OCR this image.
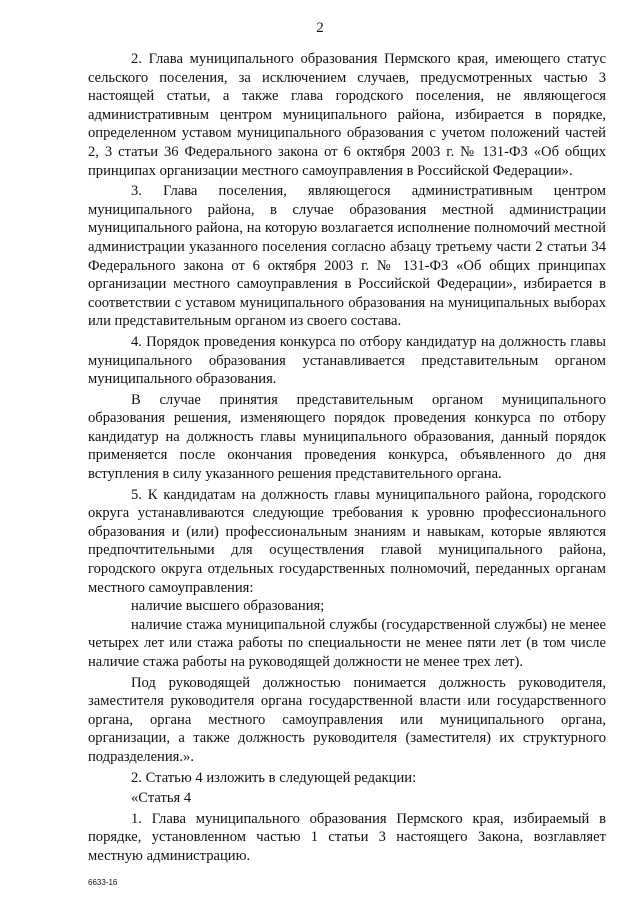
2

2. Глава муниципального образования Пермского края, имеющего статус сельского поселения, за исключением случаев, предусмотренных частью 3 настоящей статьи, а также глава городского поселения, не являющегося административным центром муниципального района, избирается в порядке, определенном уставом муниципального образования с учетом положений частей 2, 3 статьи 36 Федерального закона от 6 октября 2003 г. № 131-ФЗ «Об общих принципах организации местного самоуправления в Российской Федерации».

3. Глава поселения, являющегося административным центром муниципального района, в случае образования местной администрации муниципального района, на которую возлагается исполнение полномочий местной администрации указанного поселения согласно абзацу третьему части 2 статьи 34 Федерального закона от 6 октября 2003 г. № 131-ФЗ «Об общих принципах организации местного самоуправления в Российской Федерации», избирается в соответствии с уставом муниципального образования на муниципальных выборах или представительным органом из своего состава.

4. Порядок проведения конкурса по отбору кандидатур на должность главы муниципального образования устанавливается представительным органом муниципального образования.

В случае принятия представительным органом муниципального образования решения, изменяющего порядок проведения конкурса по отбору кандидатур на должность главы муниципального образования, данный порядок применяется после окончания проведения конкурса, объявленного до дня вступления в силу указанного решения представительного органа.

5. К кандидатам на должность главы муниципального района, городского округа устанавливаются следующие требования к уровню профессионального образования и (или) профессиональным знаниям и навыкам, которые являются предпочтительными для осуществления главой муниципального района, городского округа отдельных государственных полномочий, переданных органам местного самоуправления:

наличие высшего образования;

наличие стажа муниципальной службы (государственной службы) не менее четырех лет или стажа работы по специальности не менее пяти лет (в том числе наличие стажа работы на руководящей должности не менее трех лет).

Под руководящей должностью понимается должность руководителя, заместителя руководителя органа государственной власти или государственного органа, органа местного самоуправления или муниципального органа, организации, а также должность руководителя (заместителя) их структурного подразделения.».

2. Статью 4 изложить в следующей редакции:

«Статья 4

1. Глава муниципального образования Пермского края, избираемый в порядке, установленном частью 1 статьи 3 настоящего Закона, возглавляет местную администрацию.

6633-16
